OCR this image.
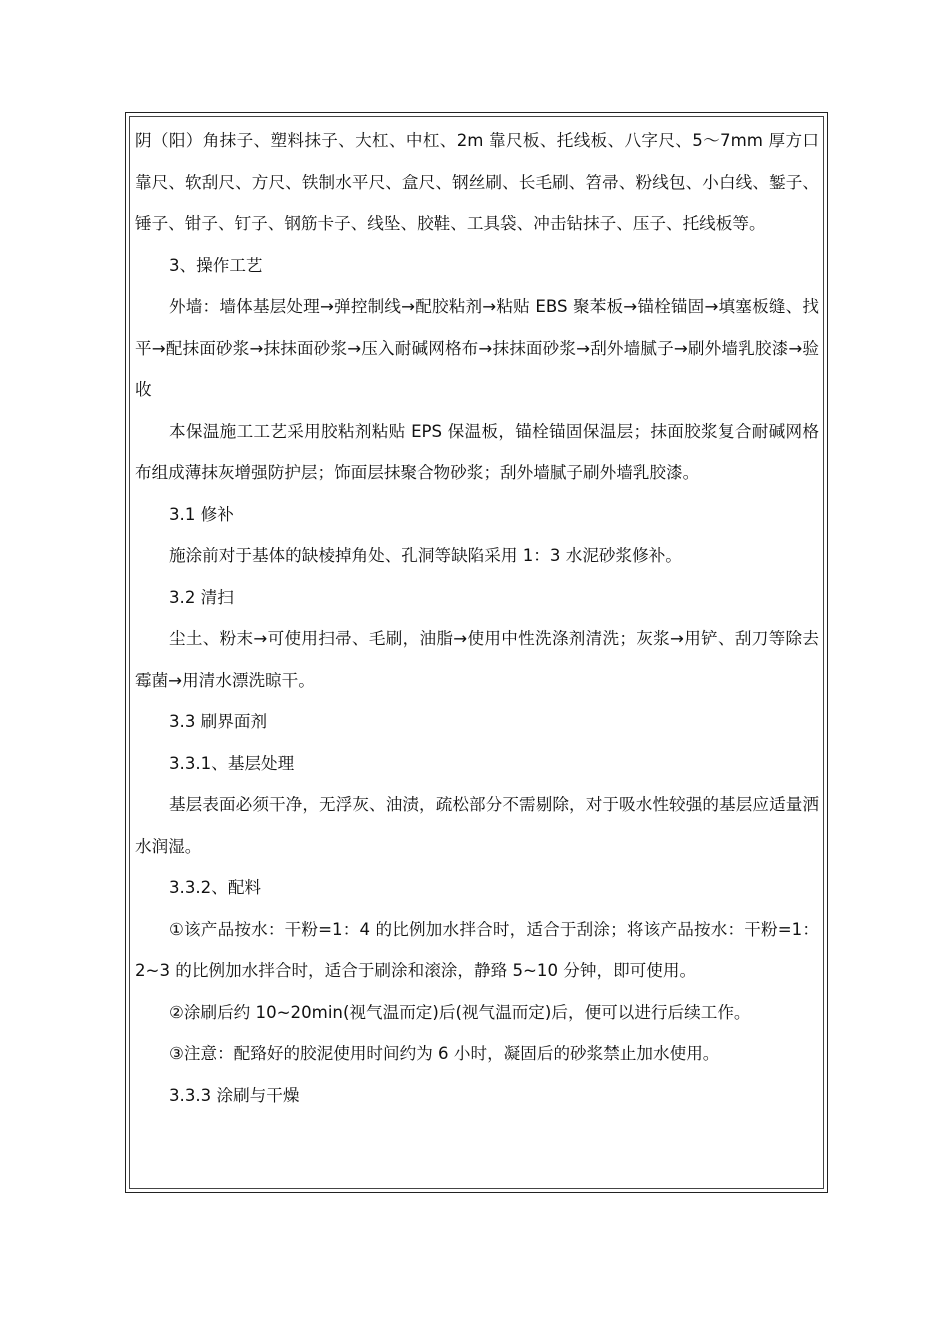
阴（阳）角抹子、塑料抹子、大杠、中杠、2m 靠尺板、托线板、八字尺、5～7mm 厚方口靠尺、软刮尺、方尺、铁制水平尺、盒尺、钢丝刷、长毛刷、笤帚、粉线包、小白线、錾子、锤子、钳子、钉子、钢筋卡子、线坠、胶鞋、工具袋、冲击钻抹子、压子、托线板等。

3、操作工艺

外墙：墙体基层处理→弹控制线→配胶粘剂→粘贴 EBS 聚苯板→锚栓锚固→填塞板缝、找平→配抹面砂浆→抹抹面砂浆→压入耐碱网格布→抹抹面砂浆→刮外墙腻子→刷外墙乳胶漆→验收

本保温施工工艺采用胶粘剂粘贴 EPS 保温板，锚栓锚固保温层；抹面胶浆复合耐碱网格布组成薄抹灰增强防护层；饰面层抹聚合物砂浆；刮外墙腻子刷外墙乳胶漆。

3.1 修补

施涂前对于基体的缺棱掉角处、孔洞等缺陷采用 1：3 水泥砂浆修补。

3.2 清扫

尘土、粉末→可使用扫帚、毛刷，油脂→使用中性洗涤剂清洗；灰浆→用铲、刮刀等除去霉菌→用清水漂洗晾干。

3.3 刷界面剂

3.3.1、基层处理

基层表面必须干净，无浮灰、油渍，疏松部分不需剔除，对于吸水性较强的基层应适量洒水润湿。

3.3.2、配料

①该产品按水：干粉=1：4 的比例加水拌合时，适合于刮涂；将该产品按水：干粉=1：2~3 的比例加水拌合时，适合于刷涂和滚涂，静臵 5~10 分钟，即可使用。

②涂刷后约 10~20min(视气温而定)后(视气温而定)后，便可以进行后续工作。

③注意：配臵好的胶泥使用时间约为 6 小时，凝固后的砂浆禁止加水使用。

3.3.3 涂刷与干燥
